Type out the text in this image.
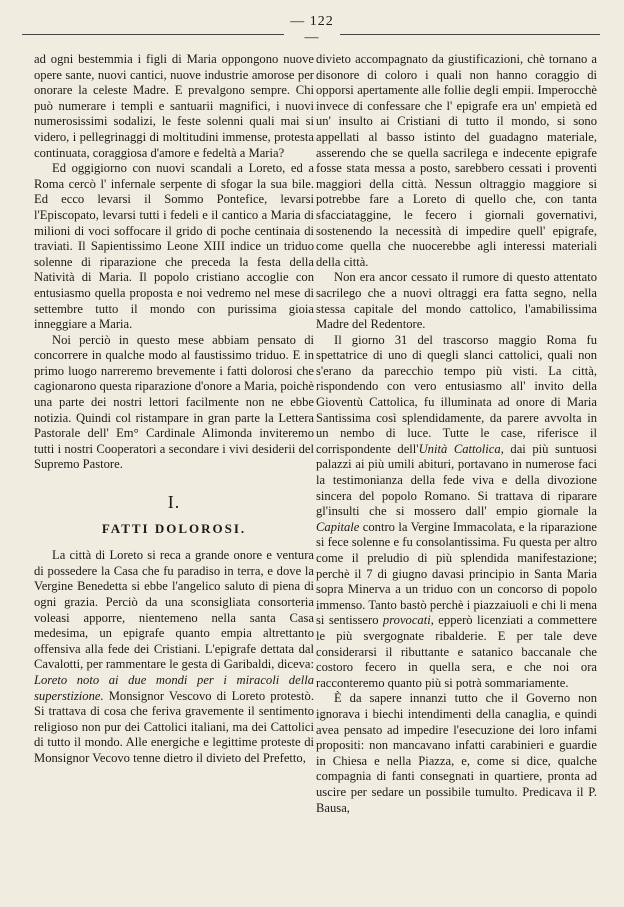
— 122 —

ad ogni bestemmia i figli di Maria oppongono nuove opere sante, nuovi cantici, nuove industrie amorose per onorare la celeste Madre. E prevalgono sempre. Chi può numerare i templi e santuarii magnifici, i nuovi numerosissimi sodalizi, le feste solenni quali mai si videro, i pellegrinaggi di moltitudini immense, protesta continuata, coraggiosa d'amore e fedeltà a Maria?

Ed oggigiorno con nuovi scandali a Loreto, ed a Roma cercò l' infernale serpente di sfogar la sua bile. Ed ecco levarsi il Sommo Pontefice, levarsi l'Episcopato, levarsi tutti i fedeli e il cantico a Maria di milioni di voci soffocare il grido di poche centinaia di traviati. Il Sapientissimo Leone XIII indice un triduo solenne di riparazione che preceda la festa della Natività di Maria. Il popolo cristiano accoglie con entusiasmo quella proposta e noi vedremo nel mese di settembre tutto il mondo con purissima gioia inneggiare a Maria.

Noi perciò in questo mese abbiam pensato di concorrere in qualche modo al faustissimo triduo. E in primo luogo narreremo brevemente i fatti dolorosi che cagionarono questa riparazione d'onore a Maria, poichè una parte dei nostri lettori facilmente non ne ebbe notizia. Quindi col ristampare in gran parte la Lettera Pastorale dell' Em° Cardinale Alimonda inviteremo tutti i nostri Cooperatori a secondare i vivi desiderii del Supremo Pastore.

I.
FATTI DOLOROSI.

La città di Loreto si reca a grande onore e ventura di possedere la Casa che fu paradiso in terra, e dove la Vergine Benedetta si ebbe l'angelico saluto di piena di ogni grazia. Perciò da una sconsigliata consorteria voleasi apporre, nientemeno nella santa Casa medesima, un epigrafe quanto empia altrettanto offensiva alla fede dei Cristiani. L'epigrafe dettata dal Cavalotti, per rammentare le gesta di Garibaldi, diceva: Loreto noto ai due mondi per i miracoli della superstizione. Monsignor Vescovo di Loreto protestò. Si trattava di cosa che feriva gravemente il sentimento religioso non pur dei Cattolici italiani, ma dei Cattolici di tutto il mondo. Alle energiche e legittime proteste di Monsignor Vecovo tenne dietro il divieto del Prefetto,

divieto accompagnato da giustificazioni, chè tornano a disonore di coloro i quali non hanno coraggio di opporsi apertamente alle follie degli empii. Imperocchè invece di confessare che l' epigrafe era un' empietà ed un' insulto ai Cristiani di tutto il mondo, si sono appellati al basso istinto del guadagno materiale, asserendo che se quella sacrilega e indecente epigrafe fosse stata messa a posto, sarebbero cessati i proventi maggiori della città. Nessun oltraggio maggiore si potrebbe fare a Loreto di quello che, con tanta sfacciataggine, le fecero i giornali governativi, sostenendo la necessità di impedire quell' epigrafe, come quella che nuocerebbe agli interessi materiali della città.

Non era ancor cessato il rumore di questo attentato sacrilego che a nuovi oltraggi era fatta segno, nella stessa capitale del mondo cattolico, l'amabilissima Madre del Redentore.

Il giorno 31 del trascorso maggio Roma fu spettatrice di uno di quegli slanci cattolici, quali non s'erano da parecchio tempo più visti. La città, rispondendo con vero entusiasmo all' invito della Gioventù Cattolica, fu illuminata ad onore di Maria Santissima così splendidamente, da parere avvolta in un nembo di luce. Tutte le case, riferisce il corrispondente dell'Unità Cattolica, dai più suntuosi palazzi ai più umili abituri, portavano in numerose faci la testimonianza della fede viva e della divozione sincera del popolo Romano. Si trattava di riparare gl'insulti che si mossero dall' empio giornale la Capitale contro la Vergine Immacolata, e la riparazione si fece solenne e fu consolantissima. Fu questa per altro come il preludio di più splendida manifestazione; perchè il 7 di giugno davasi principio in Santa Maria sopra Minerva a un triduo con un concorso di popolo immenso. Tanto bastò perchè i piazzaiuoli e chi li mena si sentissero provocati, epperò licenziati a commettere le più svergognate ribalderie. E per tale deve considerarsi il ributtante e satanico baccanale che costoro fecero in quella sera, e che noi ora racconteremo quanto più si potrà sommariamente.

È da sapere innanzi tutto che il Governo non ignorava i biechi intendimenti della canaglia, e quindi avea pensato ad impedire l'esecuzione dei loro infami propositi: non mancavano infatti carabinieri e guardie in Chiesa e nella Piazza, e, come si dice, qualche compagnia di fanti consegnati in quartiere, pronta ad uscire per sedare un possibile tumulto. Predicava il P. Bausa,
